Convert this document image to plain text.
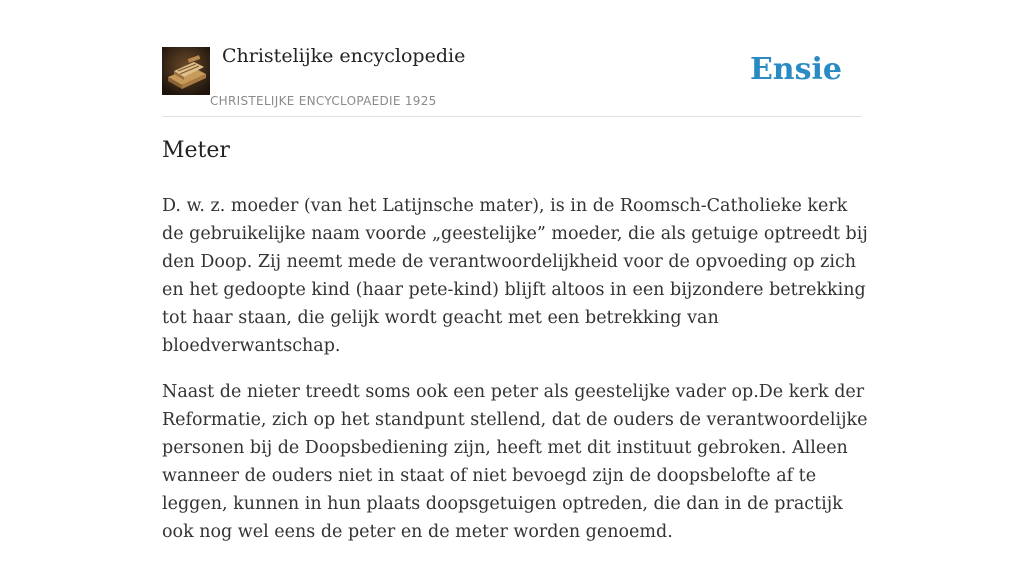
Christelijke encyclopedie
CHRISTELIJKE ENCYCLOPAEDIE 1925
Ensie
Meter

D. w. z. moeder (van het Latijnsche mater), is in de Roomsch-Catholieke kerk de gebruikelijke naam voorde „geestelijke” moeder, die als getuige optreedt bij den Doop. Zij neemt mede de verantwoordelijkheid voor de opvoeding op zich en het gedoopte kind (haar pete-kind) blijft altoos in een bijzondere betrekking tot haar staan, die gelijk wordt geacht met een betrekking van bloedverwantschap.

Naast de nieter treedt soms ook een peter als geestelijke vader op.De kerk der Reformatie, zich op het standpunt stellend, dat de ouders de verantwoordelijke personen bij de Doopsbediening zijn, heeft met dit instituut gebroken. Alleen wanneer de ouders niet in staat of niet bevoegd zijn de doopsbelofte af te leggen, kunnen in hun plaats doopsgetuigen optreden, die dan in de practijk ook nog wel eens de peter en de meter worden genoemd.
